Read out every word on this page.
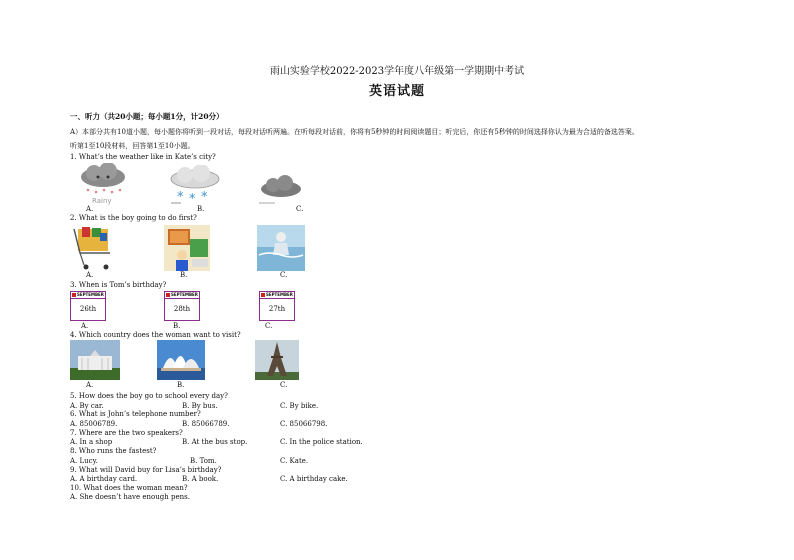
雨山实验学校2022-2023学年度八年级第一学期期中考试
英语试题
一、听力（共20小题；每小题1分，计20分）
A）本部分共有10道小题，每小题你将听到一段对话，每段对话听两遍。在听每段对话前，你将有5秒钟的时间阅读题目；听完后，你还有5秒钟的时间选择你认为最为合适的备选答案。
听第1至10段材料，回答第1至10小题。
1. What’s the weather like in Kate’s city?
Rainy	* * *
A.	B.	C.
2. What is the boy going to do first?
A.	B.	C.
3. When is Tom’s birthday?
SEPTEMBER
26th
SEPTEMBER
28th
SEPTEMBER
27th
A.	B.	C.
4. Which country does the woman want to visit?
A.	B.	C.
5. How does the boy go to school every day?
A. By car.	B. By bus.	C. By bike.
6. What is John’s telephone number?
A. 85006789.	B. 85066789.	C. 85066798.
7. Where are the two speakers?
A. In a shop	B. At the bus stop.	C. In the police station.
8. Who runs the fastest?
A. Lucy.	B. Tom.	C. Kate.
9. What will David buy for Lisa’s birthday?
A. A birthday card.	B. A book.	C. A birthday cake.
10. What does the woman mean?
A. She doesn’t have enough pens.
